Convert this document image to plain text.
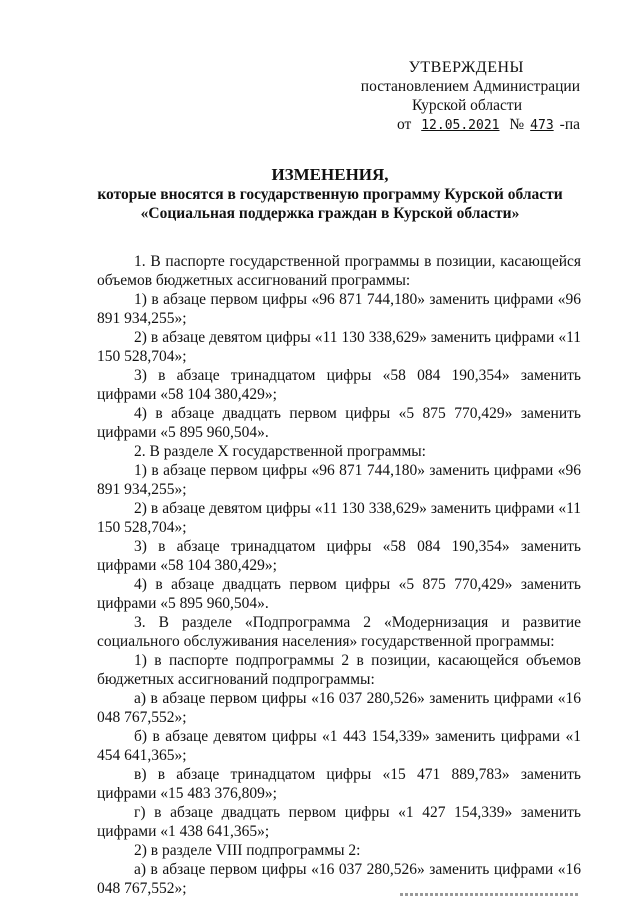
УТВЕРЖДЕНЫ
постановлением Администрации
Курской области
от 12.05.2021 № 473 -па
ИЗМЕНЕНИЯ,
которые вносятся в государственную программу Курской области
«Социальная поддержка граждан в Курской области»

1. В паспорте государственной программы в позиции, касающейся объемов бюджетных ассигнований программы:

1) в абзаце первом цифры «96 871 744,180» заменить цифрами «96 891 934,255»;

2) в абзаце девятом цифры «11 130 338,629» заменить цифрами «11 150 528,704»;

3) в абзаце тринадцатом цифры «58 084 190,354» заменить цифрами «58 104 380,429»;

4) в абзаце двадцать первом цифры «5 875 770,429» заменить цифрами «5 895 960,504».

2. В разделе X государственной программы:

1) в абзаце первом цифры «96 871 744,180» заменить цифрами «96 891 934,255»;

2) в абзаце девятом цифры «11 130 338,629» заменить цифрами «11 150 528,704»;

3) в абзаце тринадцатом цифры «58 084 190,354» заменить цифрами «58 104 380,429»;

4) в абзаце двадцать первом цифры «5 875 770,429» заменить цифрами «5 895 960,504».

3. В разделе «Подпрограмма 2 «Модернизация и развитие социального обслуживания населения» государственной программы:

1) в паспорте подпрограммы 2 в позиции, касающейся объемов бюджетных ассигнований подпрограммы:

а) в абзаце первом цифры «16 037 280,526» заменить цифрами «16 048 767,552»;

б) в абзаце девятом цифры «1 443 154,339» заменить цифрами «1 454 641,365»;

в) в абзаце тринадцатом цифры «15 471 889,783» заменить цифрами «15 483 376,809»;

г) в абзаце двадцать первом цифры «1 427 154,339» заменить цифрами «1 438 641,365»;

2) в разделе VIII подпрограммы 2:

а) в абзаце первом цифры «16 037 280,526» заменить цифрами «16 048 767,552»;
